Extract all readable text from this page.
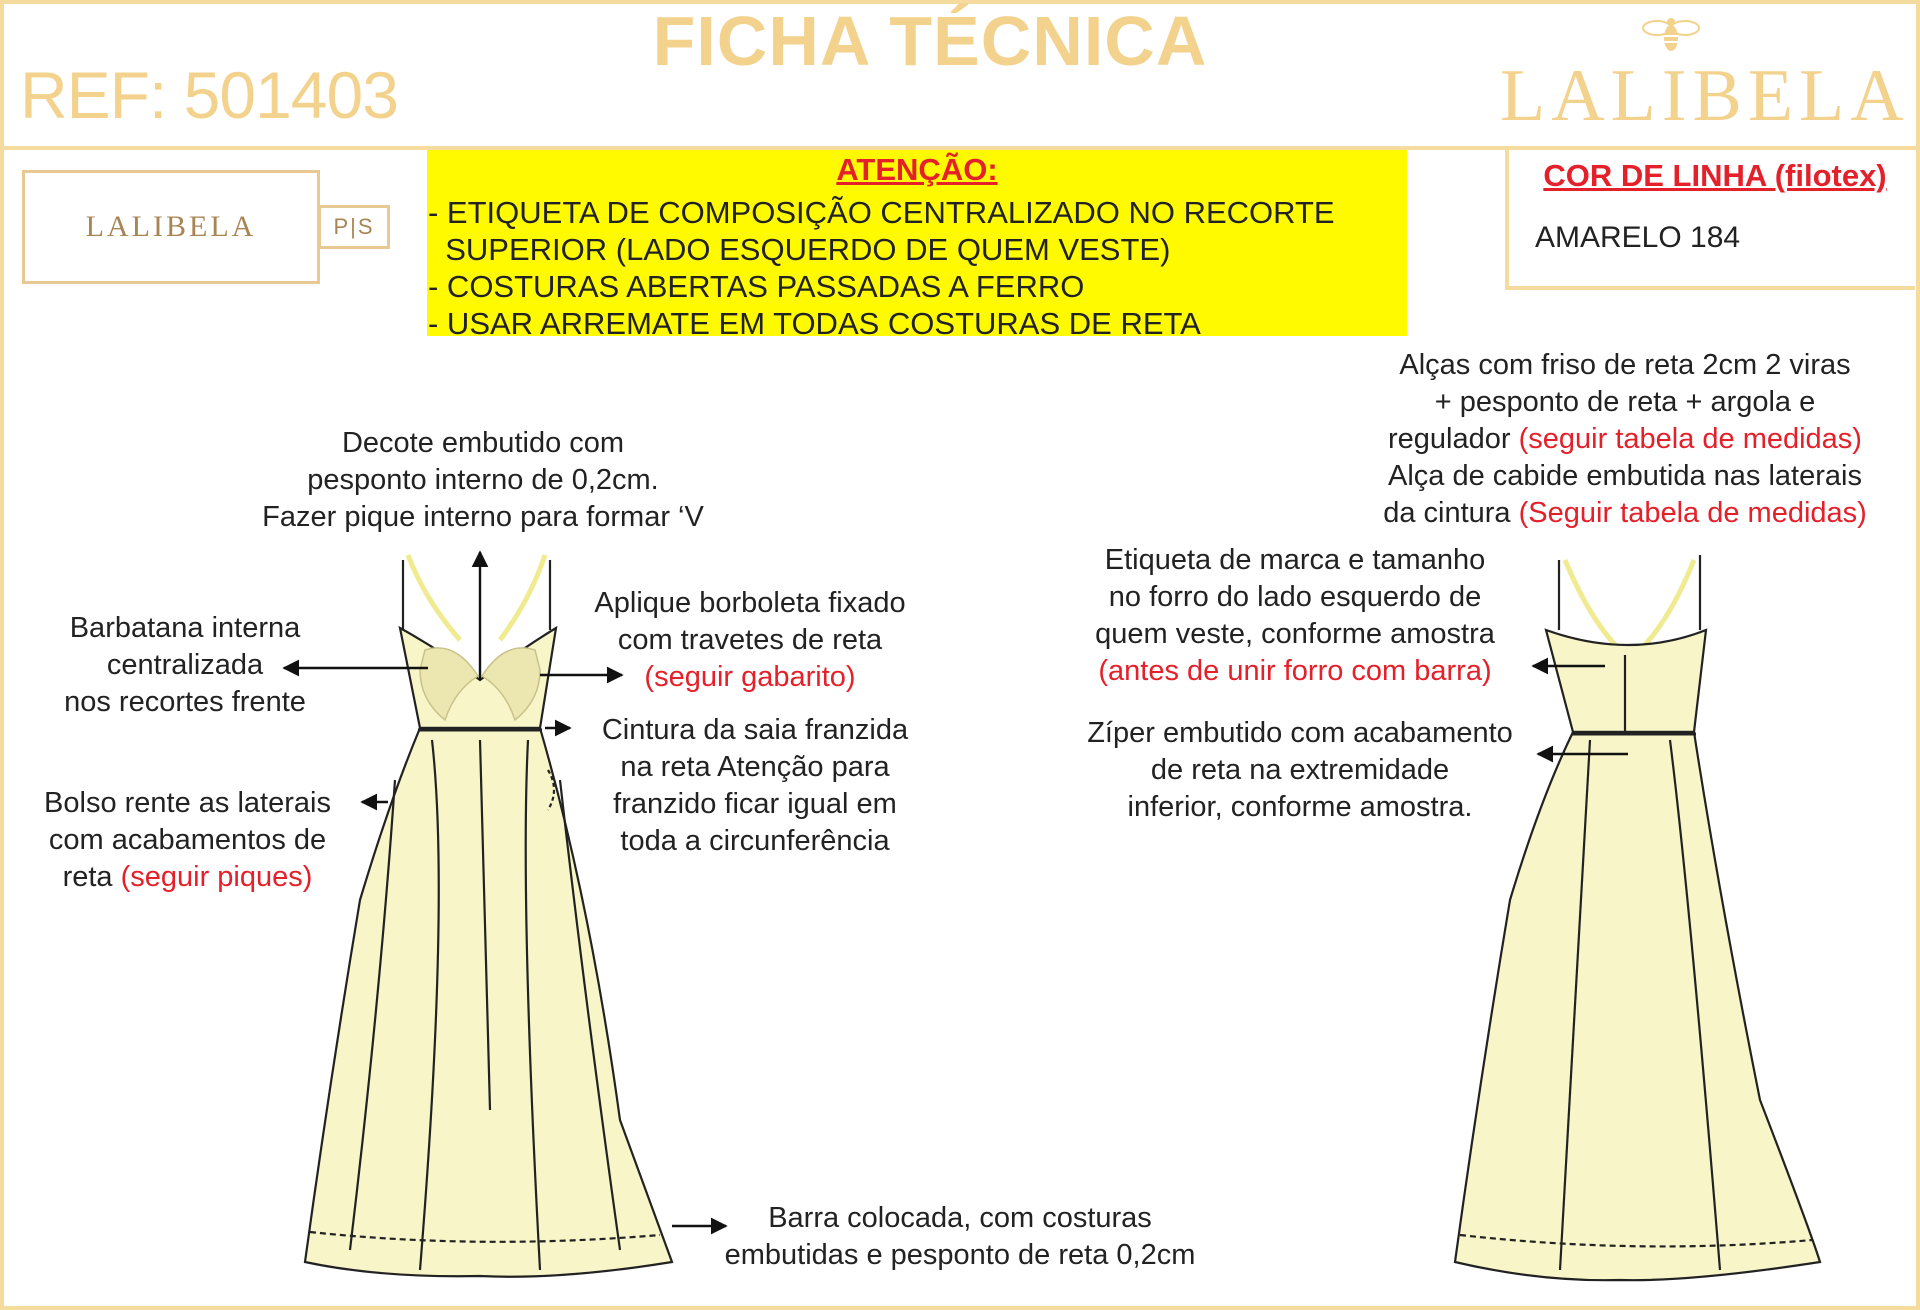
FICHA TÉCNICA
REF: 501403	LALIBELA
LALIBELA	P|S
ATENÇÃO:
- ETIQUETA DE COMPOSIÇÃO CENTRALIZADO NO RECORTE
SUPERIOR (LADO ESQUERDO DE QUEM VESTE)
- COSTURAS ABERTAS PASSADAS A FERRO
- USAR ARREMATE EM TODAS COSTURAS DE RETA
COR DE LINHA (filotex)
AMARELO 184
Decote embutido com
pesponto interno de 0,2cm.
Fazer pique interno para formar ‘V
Barbatana interna
centralizada
nos recortes frente
Aplique borboleta fixado
com travetes de reta
(seguir gabarito)
Cintura da saia franzida
na reta Atenção para
franzido ficar igual em
toda a circunferência
Bolso rente as laterais
com acabamentos de
reta (seguir piques)
Barra colocada, com costuras
embutidas e pesponto de reta 0,2cm
Alças com friso de reta 2cm 2 viras
+ pesponto de reta + argola e
regulador (seguir tabela de medidas)
Alça de cabide embutida nas laterais
da cintura (Seguir tabela de medidas)
Etiqueta de marca e tamanho
no forro do lado esquerdo de
quem veste, conforme amostra
(antes de unir forro com barra)
Zíper embutido com acabamento
de reta na extremidade
inferior, conforme amostra.
